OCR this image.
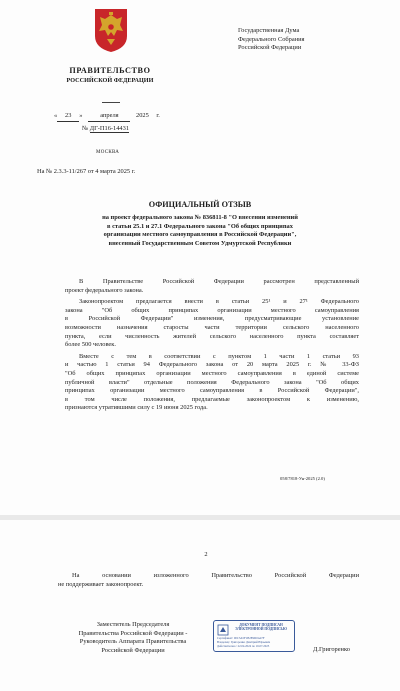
Государственная Дума
Федерального Собрания
Российской Федерации
ПРАВИТЕЛЬСТВО
РОССИЙСКОЙ ФЕДЕРАЦИИ
« 23 »	апреля	2025 г.
№ ДГ-П16-14431
МОСКВА
На № 2.3.3-11/267 от 4 марта 2025 г.
ОФИЦИАЛЬНЫЙ ОТЗЫВ
на проект федерального закона № 836811-8 "О внесении изменений
в статьи 25.1 и 27.1 Федерального закона "Об общих принципах
организации местного самоуправления в Российской Федерации",
внесенный Государственным Советом Удмуртской Республики
В Правительстве Российской Федерации рассмотрен представленный
проект федерального закона.
Законопроектом предлагается внести в статьи 25¹ и 27¹ Федерального
закона "Об общих принципах организации местного самоуправления
в Российской Федерации" изменения, предусматривающие установление
возможности назначения старосты части территории сельского населенного
пункта, если численность жителей сельского населенного пункта составляет
более 500 человек.
Вместе с тем в соответствии с пунктом 1 части 1 статьи 93
и частью 1 статьи 94 Федерального закона от 20 марта 2025 г. № 33-ФЗ
"Об общих принципах организации местного самоуправления в единой системе
публичной власти" отдельные положения Федерального закона "Об общих
принципах организации местного самоуправления в Российской Федерации",
в том числе положения, предлагаемые законопроектом к изменению,
признаются утратившими силу с 19 июня 2025 года.
058/7818-Ун-2025 (2.0)
2
На основании изложенного Правительство Российской Федерации
не поддерживает законопроект.
Заместитель Председателя
Правительства Российской Федерации -
Руководитель Аппарата Правительства
Российской Федерации
ДОКУМЕНТ ПОДПИСАН
ЭЛЕКТРОННОЙ ПОДПИСЬЮ
Сертификат: 00C3A5F1B2E9D0A47F
Владелец: Григоренко Дмитрий Юрьевич
Действителен с 22.04.2024 по 16.07.2025	Д.Григоренко
